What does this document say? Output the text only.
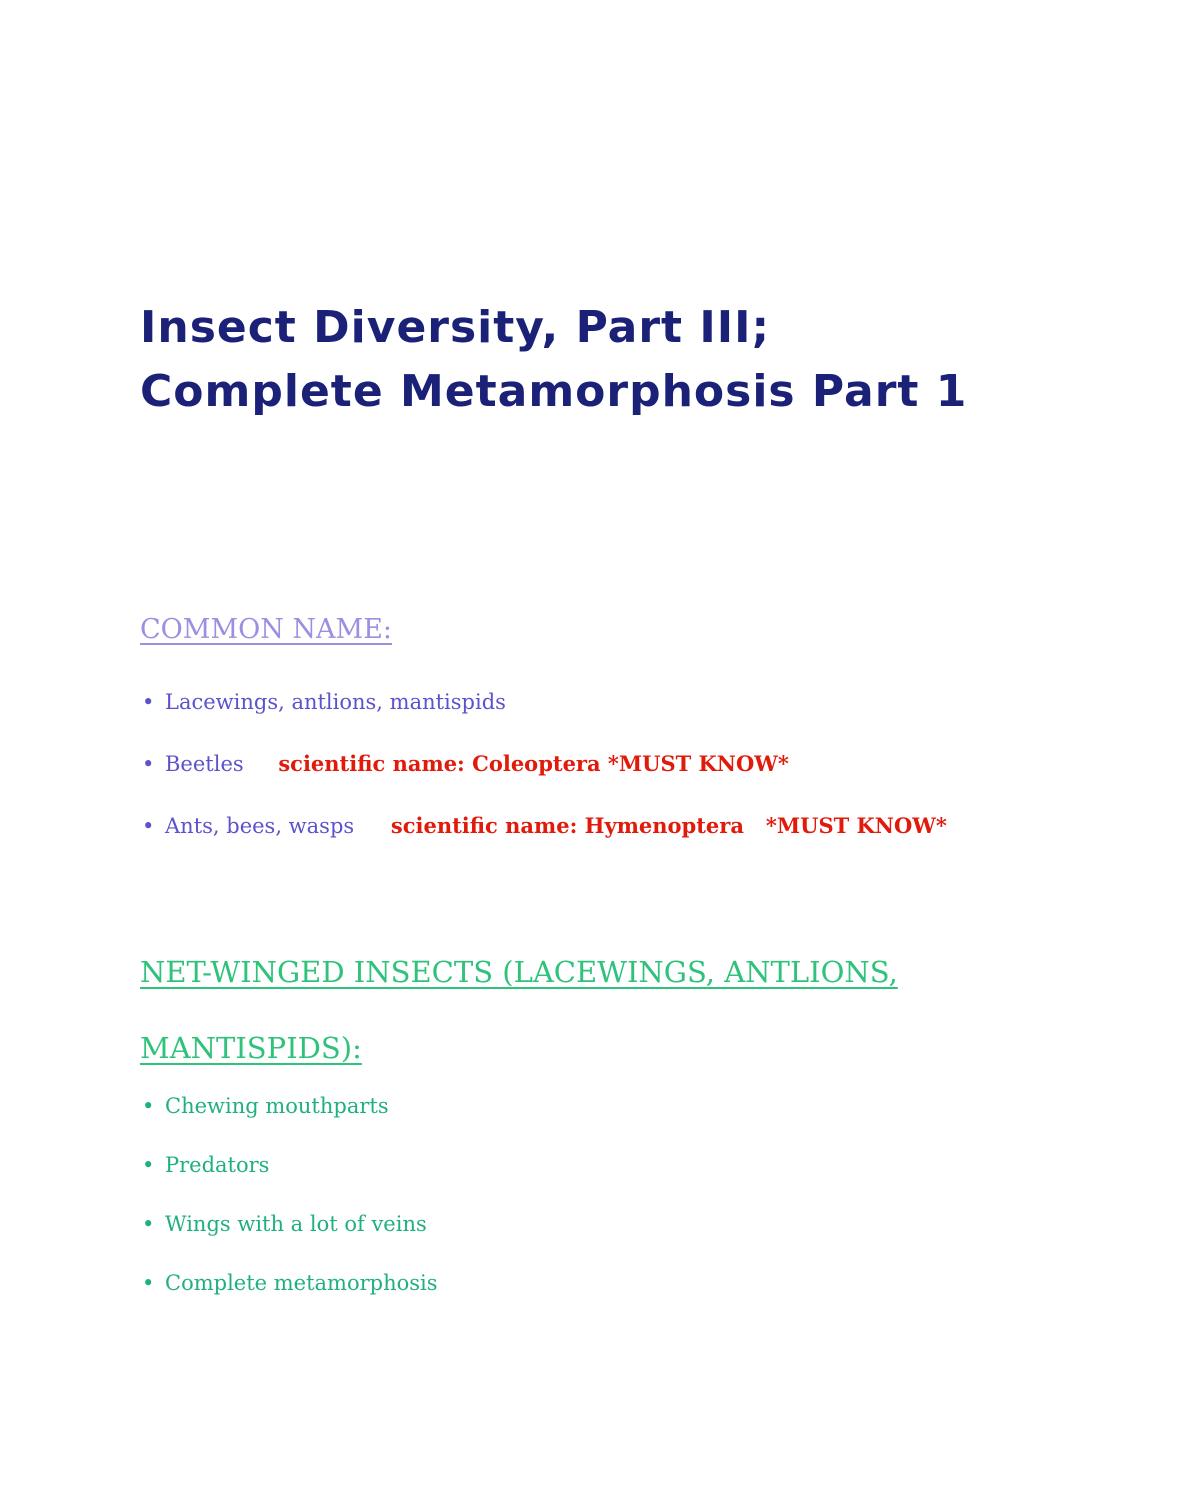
Insect Diversity, Part III;
Complete Metamorphosis Part 1
COMMON NAME:
• Lacewings, antlions, mantispids
• Beetles scientific name: Coleoptera *MUST KNOW*
• Ants, bees, wasps scientific name: Hymenoptera   *MUST KNOW*
NET-WINGED INSECTS (LACEWINGS, ANTLIONS,
MANTISPIDS):
• Chewing mouthparts
• Predators
• Wings with a lot of veins
• Complete metamorphosis
